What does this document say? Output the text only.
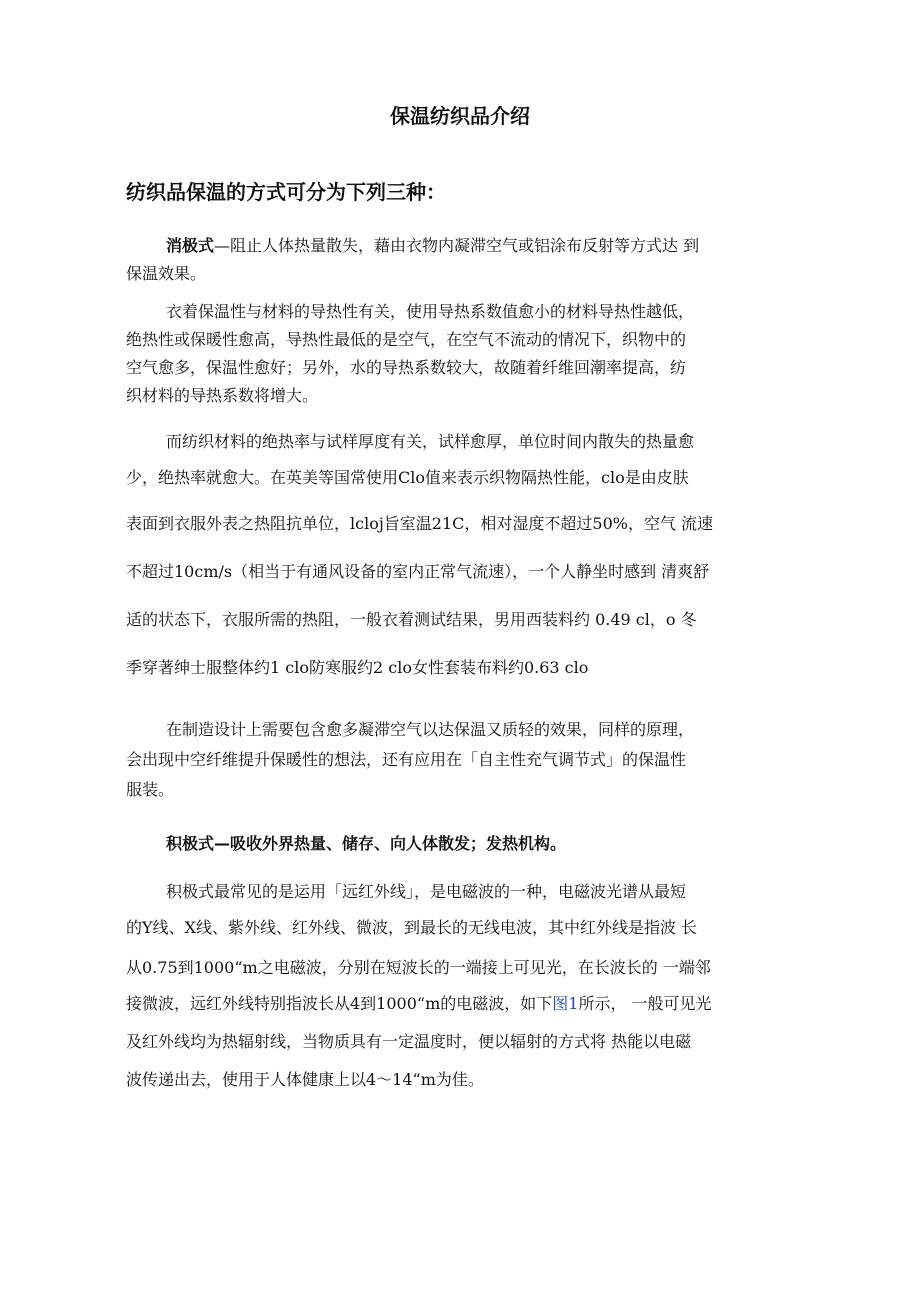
保温纺织品介绍
纺织品保温的方式可分为下列三种：
消极式—阻止人体热量散失，藉由衣物内凝滞空气或铝涂布反射等方式达 到
保温效果。
衣着保温性与材料的导热性有关，使用导热系数值愈小的材料导热性越低，
绝热性或保暖性愈高，导热性最低的是空气，在空气不流动的情况下，织物中的
空气愈多，保温性愈好；另外，水的导热系数较大，故随着纤维回潮率提高，纺
织材料的导热系数将增大。
而纺织材料的绝热率与试样厚度有关，试样愈厚，单位时间内散失的热量愈
少，绝热率就愈大。在英美等国常使用Clo值来表示织物隔热性能，clo是由皮肤
表面到衣服外表之热阻抗单位，lcloj旨室温21C，相对湿度不超过50%，空气 流速
不超过10cm/s（相当于有通风设备的室内正常气流速），一个人静坐时感到 清爽舒
适的状态下，衣服所需的热阻，一般衣着测试结果，男用西装料约 0.49 cl，o 冬
季穿著绅士服整体约1 clo防寒服约2 clo女性套装布料约0.63 clo
在制造设计上需要包含愈多凝滞空气以达保温又质轻的效果，同样的原理，
会出现中空纤维提升保暖性的想法，还有应用在「自主性充气调节式」的保温性
服装。
积极式—吸收外界热量、储存、向人体散发；发热机构。
积极式最常见的是运用「远红外线」，是电磁波的一种，电磁波光谱从最短
的Y线、X线、紫外线、红外线、微波，到最长的无线电波，其中红外线是指波 长
从0.75到1000“m之电磁波，分别在短波长的一端接上可见光，在长波长的 一端邻
接微波，远红外线特别指波长从4到1000“m的电磁波，如下图1所示， 一般可见光
及红外线均为热辐射线，当物质具有一定温度时，便以辐射的方式将 热能以电磁
波传递出去，使用于人体健康上以4～14“m为佳。
